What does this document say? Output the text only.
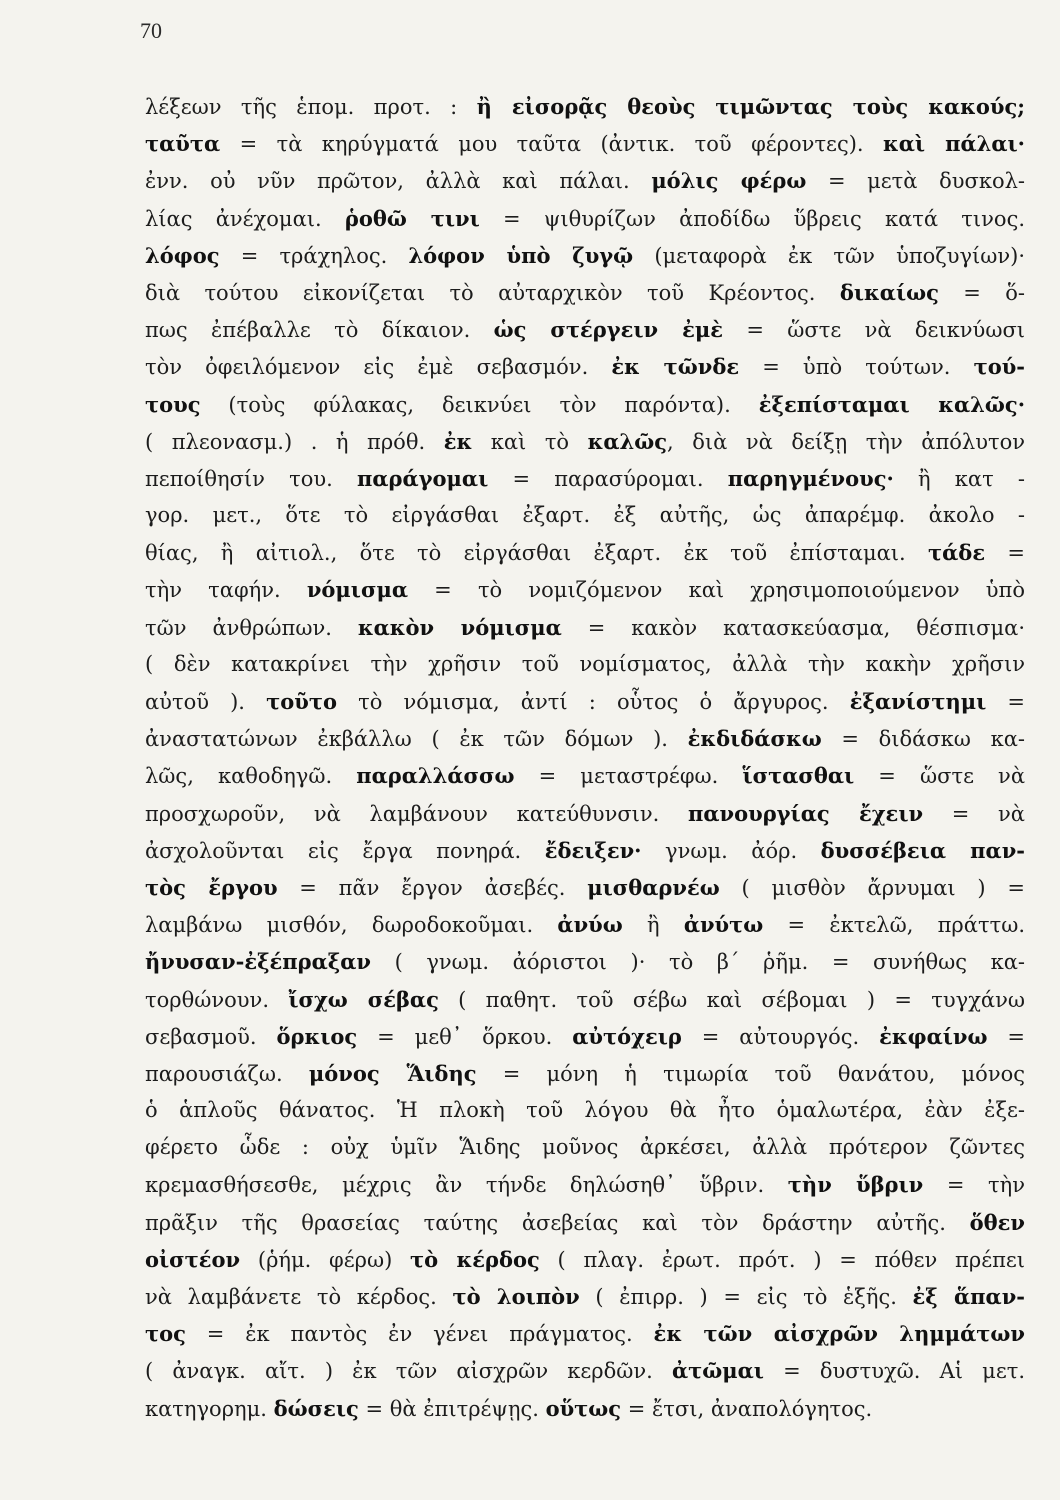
70
λέξεων τῆς ἑπομ. προτ. : ἢ εἰσορᾷς θεοὺς τιμῶντας τοὺς κακούς;
ταῦτα = τὰ κηρύγματά μου ταῦτα (ἀντικ. τοῦ φέροντες). καὶ πάλαι·
ἐνν. οὐ νῦν πρῶτον, ἀλλὰ καὶ πάλαι. μόλις φέρω = μετὰ δυσκολ-
λίας ἀνέχομαι. ῥοθῶ τινι = ψιθυρίζων ἀποδίδω ὕβρεις κατά τινος.
λόφος = τράχηλος. λόφον ὑπὸ ζυγῷ (μεταφορὰ ἐκ τῶν ὑποζυγίων)·
διὰ τούτου εἰκονίζεται τὸ αὐταρχικὸν τοῦ Κρέοντος. δικαίως = ὅ-
πως ἐπέβαλλε τὸ δίκαιον. ὡς στέργειν ἐμὲ = ὥστε νὰ δεικνύωσι
τὸν ὀφειλόμενον εἰς ἐμὲ σεβασμόν. ἐκ τῶνδε = ὑπὸ τούτων. τού-
τους (τοὺς φύλακας, δεικνύει τὸν παρόντα). ἐξεπίσταμαι καλῶς·
( πλεονασμ.) . ἡ πρόθ. ἐκ καὶ τὸ καλῶς, διὰ νὰ δείξῃ τὴν ἀπόλυτον
πεποίθησίν του. παράγομαι = παρασύρομαι. παρηγμένους· ἢ κατ -
γορ. μετ., ὅτε τὸ εἰργάσθαι ἐξαρτ. ἐξ αὐτῆς, ὡς ἀπαρέμφ. ἀκολο -
θίας, ἢ αἰτιολ., ὅτε τὸ εἰργάσθαι ἐξαρτ. ἐκ τοῦ ἐπίσταμαι. τάδε =
τὴν ταφήν. νόμισμα = τὸ νομιζόμενον καὶ χρησιμοποιούμενον ὑπὸ
τῶν ἀνθρώπων. κακὸν νόμισμα = κακὸν κατασκεύασμα, θέσπισμα·
( δὲν κατακρίνει τὴν χρῆσιν τοῦ νομίσματος, ἀλλὰ τὴν κακὴν χρῆσιν
αὐτοῦ ). τοῦτο τὸ νόμισμα, ἀντί : οὗτος ὁ ἄργυρος. ἐξανίστημι =
ἀναστατώνων ἐκβάλλω ( ἐκ τῶν δόμων ). ἐκδιδάσκω = διδάσκω κα-
λῶς, καθοδηγῶ. παραλλάσσω = μεταστρέφω. ἵστασθαι = ὥστε νὰ
προσχωροῦν, νὰ λαμβάνουν κατεύθυνσιν. πανουργίας ἔχειν = νὰ
ἀσχολοῦνται εἰς ἔργα πονηρά. ἔδειξεν· γνωμ. ἀόρ. δυσσέβεια παν-
τὸς ἔργου = πᾶν ἔργον ἀσεβές. μισθαρνέω ( μισθὸν ἄρνυμαι ) =
λαμβάνω μισθόν, δωροδοκοῦμαι. ἀνύω ἢ ἀνύτω = ἐκτελῶ, πράττω.
ἤνυσαν-ἐξέπραξαν ( γνωμ. ἀόριστοι )· τὸ β΄ ῥῆμ. = συνήθως κα-
τορθώνουν. ἴσχω σέβας ( παθητ. τοῦ σέβω καὶ σέβομαι ) = τυγχάνω
σεβασμοῦ. ὅρκιος = μεθ᾽ ὅρκου. αὐτόχειρ = αὐτουργός. ἐκφαίνω =
παρουσιάζω. μόνος Ἅιδης = μόνη ἡ τιμωρία τοῦ θανάτου, μόνος
ὁ ἁπλοῦς θάνατος. Ἡ πλοκὴ τοῦ λόγου θὰ ἦτο ὁμαλωτέρα, ἐὰν ἐξε-
φέρετο ὧδε : οὐχ ὑμῖν Ἅιδης μοῦνος ἀρκέσει, ἀλλὰ πρότερον ζῶντες
κρεμασθήσεσθε, μέχρις ἂν τήνδε δηλώσηθ᾽ ὕβριν. τὴν ὕβριν = τὴν
πρᾶξιν τῆς θρασείας ταύτης ἀσεβείας καὶ τὸν δράστην αὐτῆς. ὅθεν
οἰστέον (ῥήμ. φέρω) τὸ κέρδος ( πλαγ. ἐρωτ. πρότ. ) = πόθεν πρέπει
νὰ λαμβάνετε τὸ κέρδος. τὸ λοιπὸν ( ἐπιρρ. ) = εἰς τὸ ἑξῆς. ἐξ ἅπαν-
τος = ἐκ παντὸς ἐν γένει πράγματος. ἐκ τῶν αἰσχρῶν λημμάτων
( ἀναγκ. αἴτ. ) ἐκ τῶν αἰσχρῶν κερδῶν. ἀτῶμαι = δυστυχῶ. Αἱ μετ.
κατηγορημ. δώσεις = θὰ ἐπιτρέψῃς. οὕτως = ἔτσι, ἀναπολόγητος.
